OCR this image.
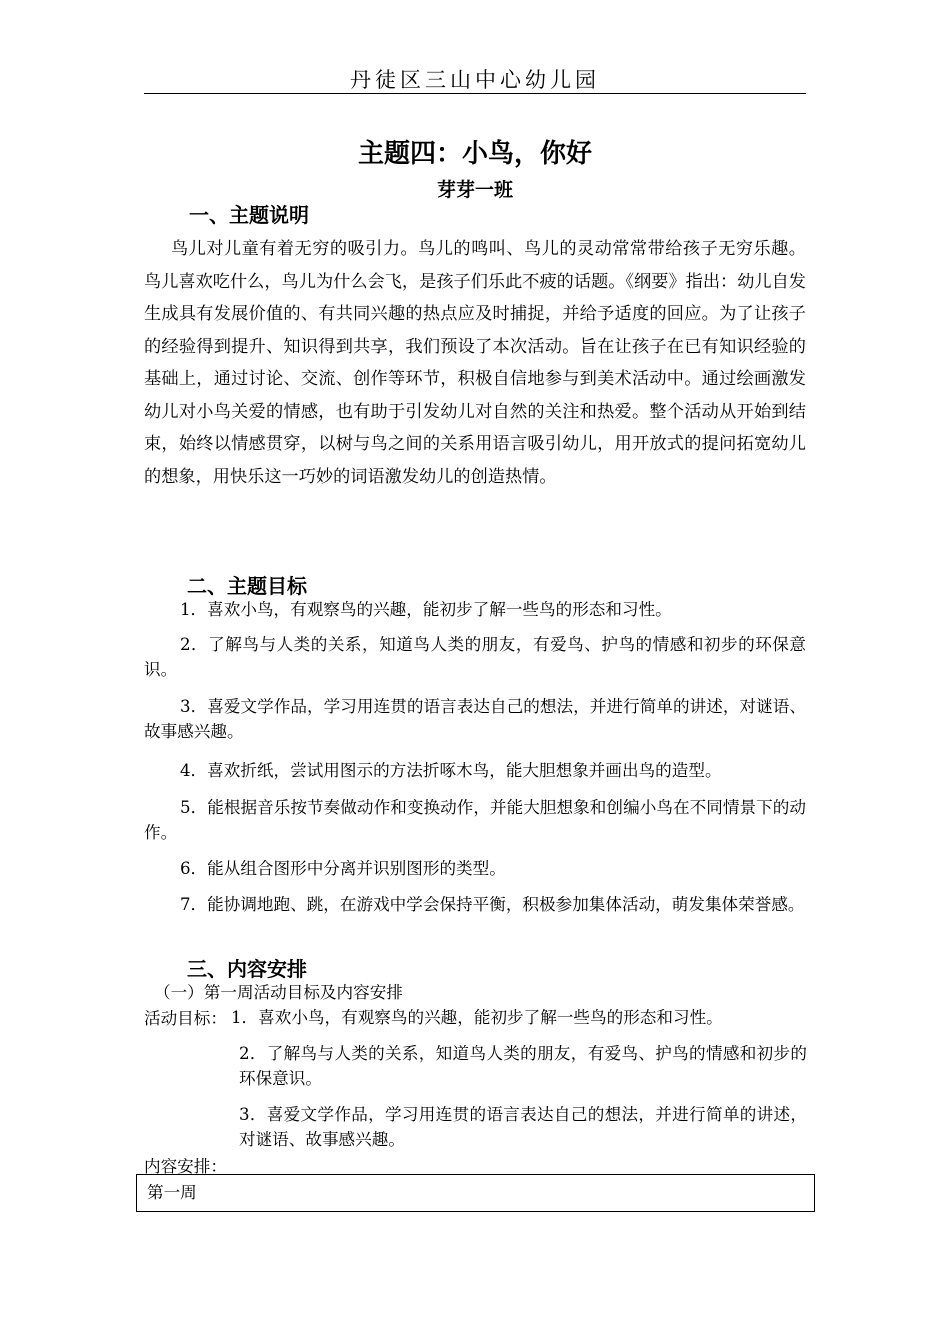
丹徒区三山中心幼儿园
主题四：小鸟，你好
芽芽一班
一、主题说明
鸟儿对儿童有着无穷的吸引力。鸟儿的鸣叫、鸟儿的灵动常常带给孩子无穷乐趣。鸟儿喜欢吃什么，鸟儿为什么会飞，是孩子们乐此不疲的话题。《纲要》指出：幼儿自发生成具有发展价值的、有共同兴趣的热点应及时捕捉，并给予适度的回应。为了让孩子的经验得到提升、知识得到共享，我们预设了本次活动。旨在让孩子在已有知识经验的基础上，通过讨论、交流、创作等环节，积极自信地参与到美术活动中。通过绘画激发幼儿对小鸟关爱的情感，也有助于引发幼儿对自然的关注和热爱。整个活动从开始到结束，始终以情感贯穿，以树与鸟之间的关系用语言吸引幼儿，用开放式的提问拓宽幼儿的想象，用快乐这一巧妙的词语激发幼儿的创造热情。
二、主题目标
1．喜欢小鸟，有观察鸟的兴趣，能初步了解一些鸟的形态和习性。
2．了解鸟与人类的关系，知道鸟人类的朋友，有爱鸟、护鸟的情感和初步的环保意识。
3．喜爱文学作品，学习用连贯的语言表达自己的想法，并进行简单的讲述，对谜语、故事感兴趣。
4．喜欢折纸，尝试用图示的方法折啄木鸟，能大胆想象并画出鸟的造型。
5．能根据音乐按节奏做动作和变换动作，并能大胆想象和创编小鸟在不同情景下的动作。
6．能从组合图形中分离并识别图形的类型。
7．能协调地跑、跳，在游戏中学会保持平衡，积极参加集体活动，萌发集体荣誉感。
三、内容安排
（一）第一周活动目标及内容安排
活动目标： 1．喜欢小鸟，有观察鸟的兴趣，能初步了解一些鸟的形态和习性。
2．了解鸟与人类的关系，知道鸟人类的朋友，有爱鸟、护鸟的情感和初步的环保意识。
3．喜爱文学作品，学习用连贯的语言表达自己的想法，并进行简单的讲述，对谜语、故事感兴趣。
内容安排：
第一周
